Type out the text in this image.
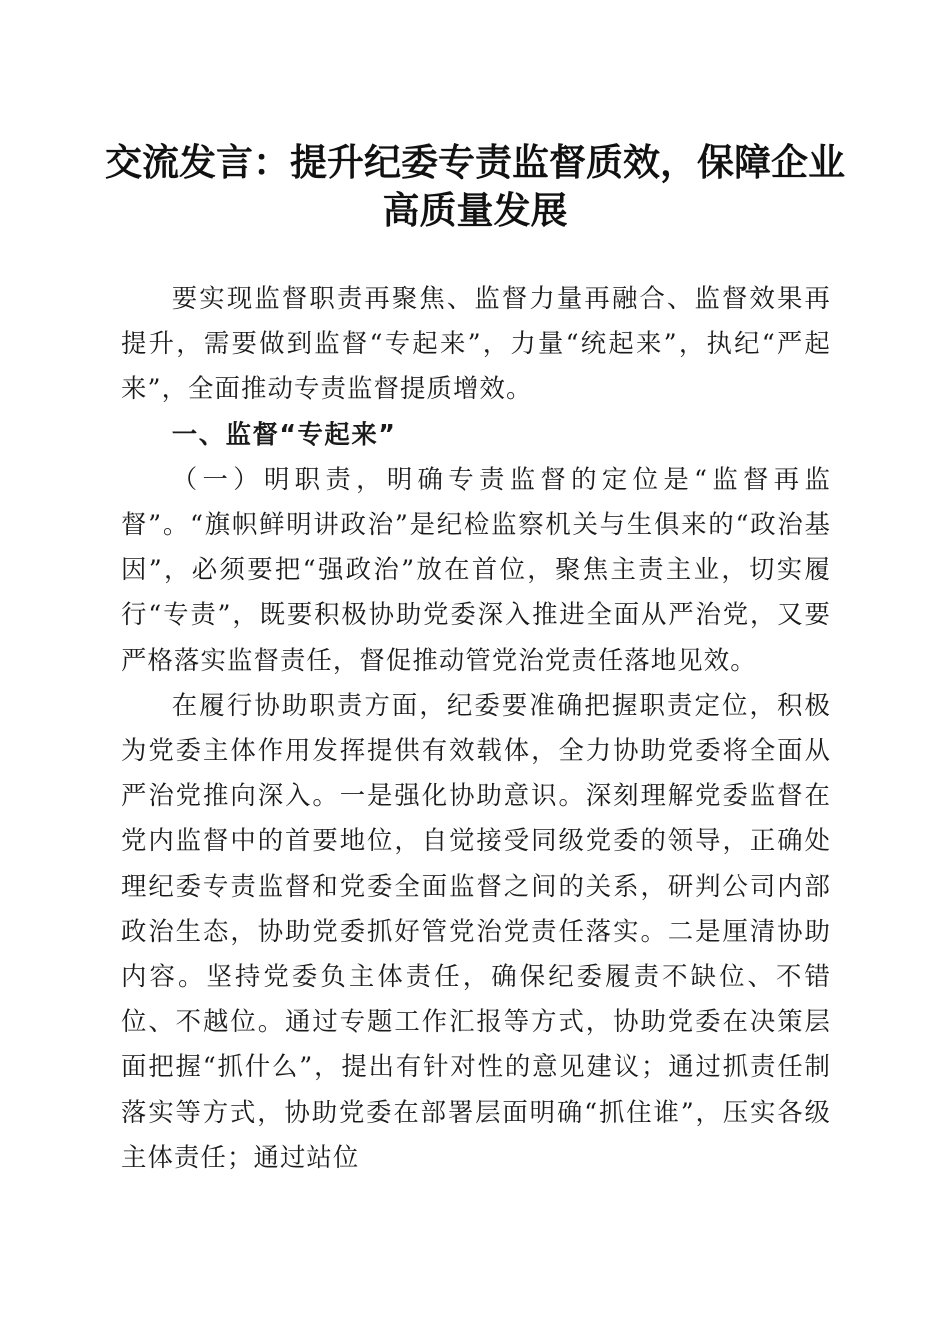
交流发言：提升纪委专责监督质效，保障企业高质量发展

要实现监督职责再聚焦、监督力量再融合、监督效果再提升，需要做到监督“专起来”，力量“统起来”，执纪“严起来”，全面推动专责监督提质增效。

一、监督“专起来”

（一）明职责，明确专责监督的定位是“监督再监督”。“旗帜鲜明讲政治”是纪检监察机关与生俱来的“政治基因”，必须要把“强政治”放在首位，聚焦主责主业，切实履行“专责”，既要积极协助党委深入推进全面从严治党，又要严格落实监督责任，督促推动管党治党责任落地见效。

在履行协助职责方面，纪委要准确把握职责定位，积极为党委主体作用发挥提供有效载体，全力协助党委将全面从严治党推向深入。一是强化协助意识。深刻理解党委监督在党内监督中的首要地位，自觉接受同级党委的领导，正确处理纪委专责监督和党委全面监督之间的关系，研判公司内部政治生态，协助党委抓好管党治党责任落实。二是厘清协助内容。坚持党委负主体责任，确保纪委履责不缺位、不错位、不越位。通过专题工作汇报等方式，协助党委在决策层面把握“抓什么”，提出有针对性的意见建议；通过抓责任制落实等方式，协助党委在部署层面明确“抓住谁”，压实各级主体责任；通过站位
